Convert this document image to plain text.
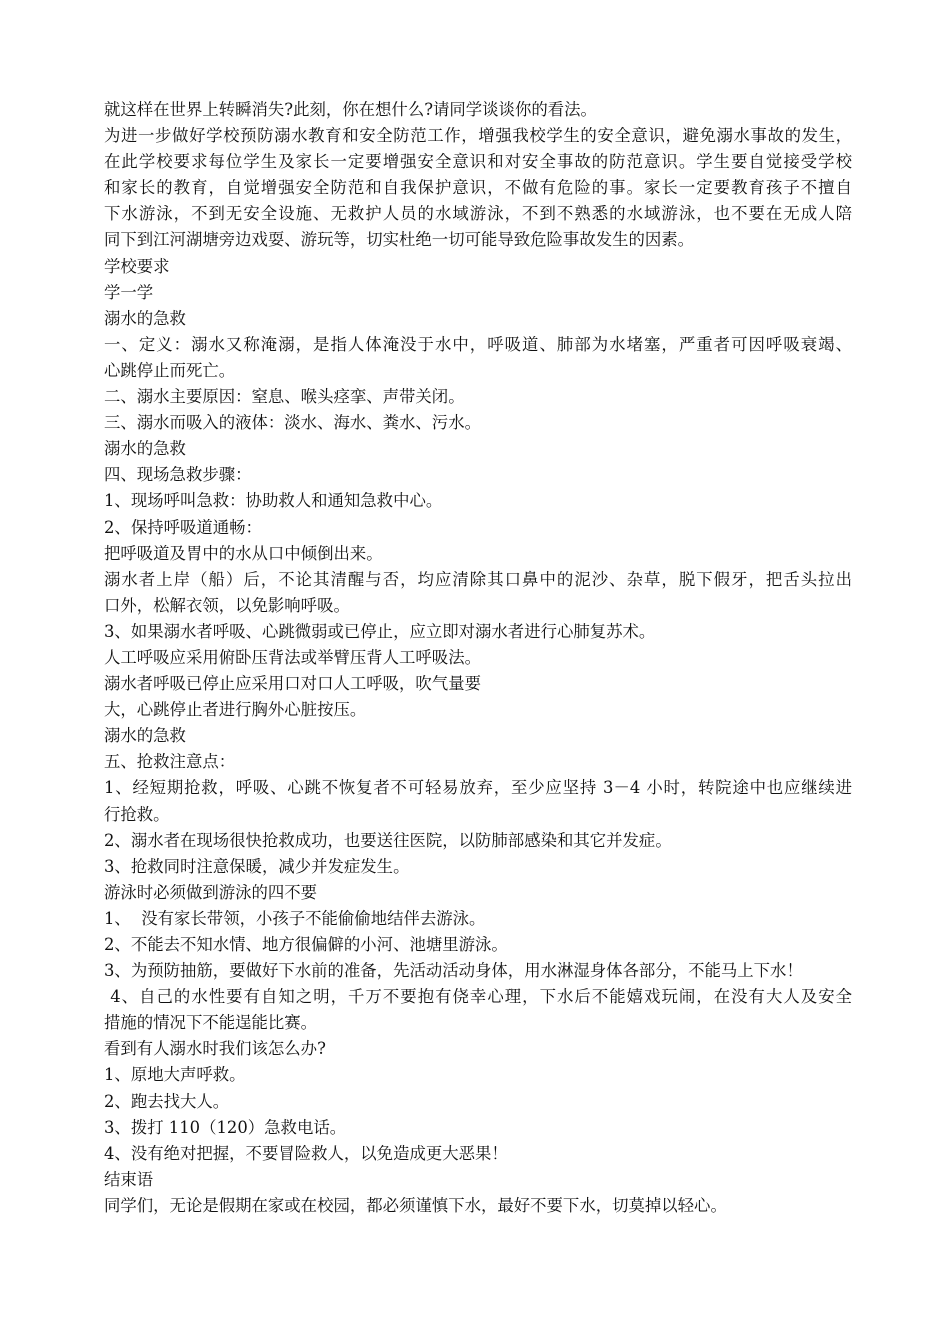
就这样在世界上转瞬消失?此刻，你在想什么?请同学谈谈你的看法。
为进一步做好学校预防溺水教育和安全防范工作，增强我校学生的安全意识，避免溺水事故的发生，
在此学校要求每位学生及家长一定要增强安全意识和对安全事故的防范意识。学生要自觉接受学校
和家长的教育，自觉增强安全防范和自我保护意识，不做有危险的事。家长一定要教育孩子不擅自
下水游泳，不到无安全设施、无救护人员的水域游泳，不到不熟悉的水域游泳，也不要在无成人陪
同下到江河湖塘旁边戏耍、游玩等，切实杜绝一切可能导致危险事故发生的因素。
学校要求
学一学
溺水的急救
一、定义：溺水又称淹溺，是指人体淹没于水中，呼吸道、肺部为水堵塞，严重者可因呼吸衰竭、
心跳停止而死亡。
二、溺水主要原因：窒息、喉头痉挛、声带关闭。
三、溺水而吸入的液体：淡水、海水、粪水、污水。
溺水的急救
四、现场急救步骤：
1、现场呼叫急救：协助救人和通知急救中心。
2、保持呼吸道通畅：
把呼吸道及胃中的水从口中倾倒出来。
溺水者上岸（船）后，不论其清醒与否，均应清除其口鼻中的泥沙、杂草，脱下假牙，把舌头拉出
口外，松解衣领，以免影响呼吸。
3、如果溺水者呼吸、心跳微弱或已停止，应立即对溺水者进行心肺复苏术。
人工呼吸应采用俯卧压背法或举臂压背人工呼吸法。
溺水者呼吸已停止应采用口对口人工呼吸，吹气量要
大，心跳停止者进行胸外心脏按压。
溺水的急救
五、抢救注意点：
1、经短期抢救，呼吸、心跳不恢复者不可轻易放弃，至少应坚持 3－4 小时，转院途中也应继续进
行抢救。
2、溺水者在现场很快抢救成功，也要送往医院，以防肺部感染和其它并发症。
3、抢救同时注意保暖，减少并发症发生。
游泳时必须做到游泳的四不要
1、  没有家长带领，小孩子不能偷偷地结伴去游泳。
2、不能去不知水情、地方很偏僻的小河、池塘里游泳。
3、为预防抽筋，要做好下水前的准备，先活动活动身体，用水淋湿身体各部分，不能马上下水！
4、自己的水性要有自知之明，千万不要抱有侥幸心理，下水后不能嬉戏玩闹，在没有大人及安全
措施的情况下不能逞能比赛。
看到有人溺水时我们该怎么办?
1、原地大声呼救。
2、跑去找大人。
3、拨打 110（120）急救电话。
4、没有绝对把握，不要冒险救人，以免造成更大恶果！
结束语
同学们，无论是假期在家或在校园，都必须谨慎下水，最好不要下水，切莫掉以轻心。
